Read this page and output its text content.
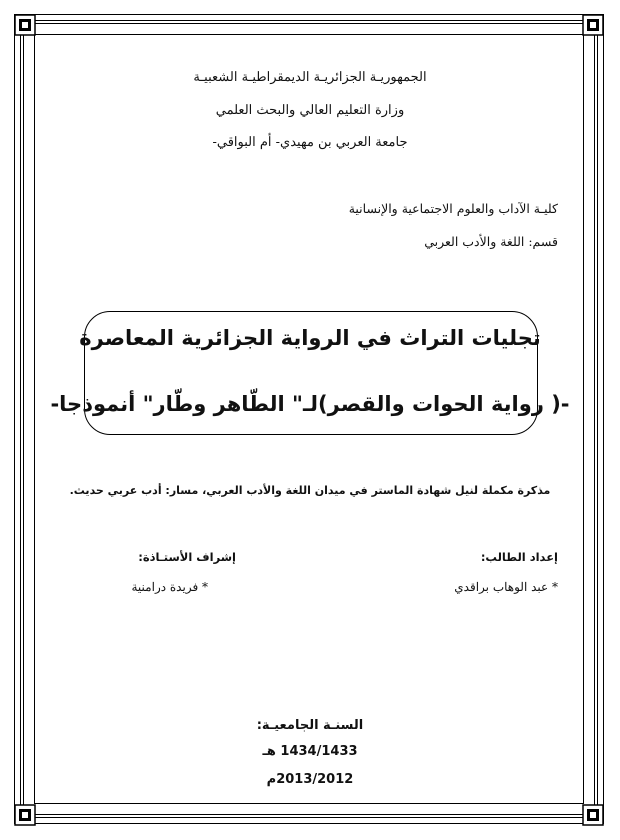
الجمهوريـة الجزائريـة الديمقراطيـة الشعبيـة
وزارة التعليم العالي والبحث العلمي
جامعة العربي بن مهيدي- أم البواقي-
كليـة الآداب والعلوم الاجتماعية والإنسانية
قسم: اللغة والأدب العربي
تجليات التراث في الرواية الجزائرية المعاصرة
-( رواية الحوات والقصر)لـ" الطّاهر وطّار" أنموذجا-
مذكرة مكملة لنيل شهادة الماستر في ميدان اللغة والأدب العربي، مسار: أدب عربي حديث.
إعداد الطالب:
* عبد الوهاب براقدي
إشراف الأستـاذة:
* فريدة درامنية
السنـة الجامعيـة:
1434/1433 هـ
2013/2012م
